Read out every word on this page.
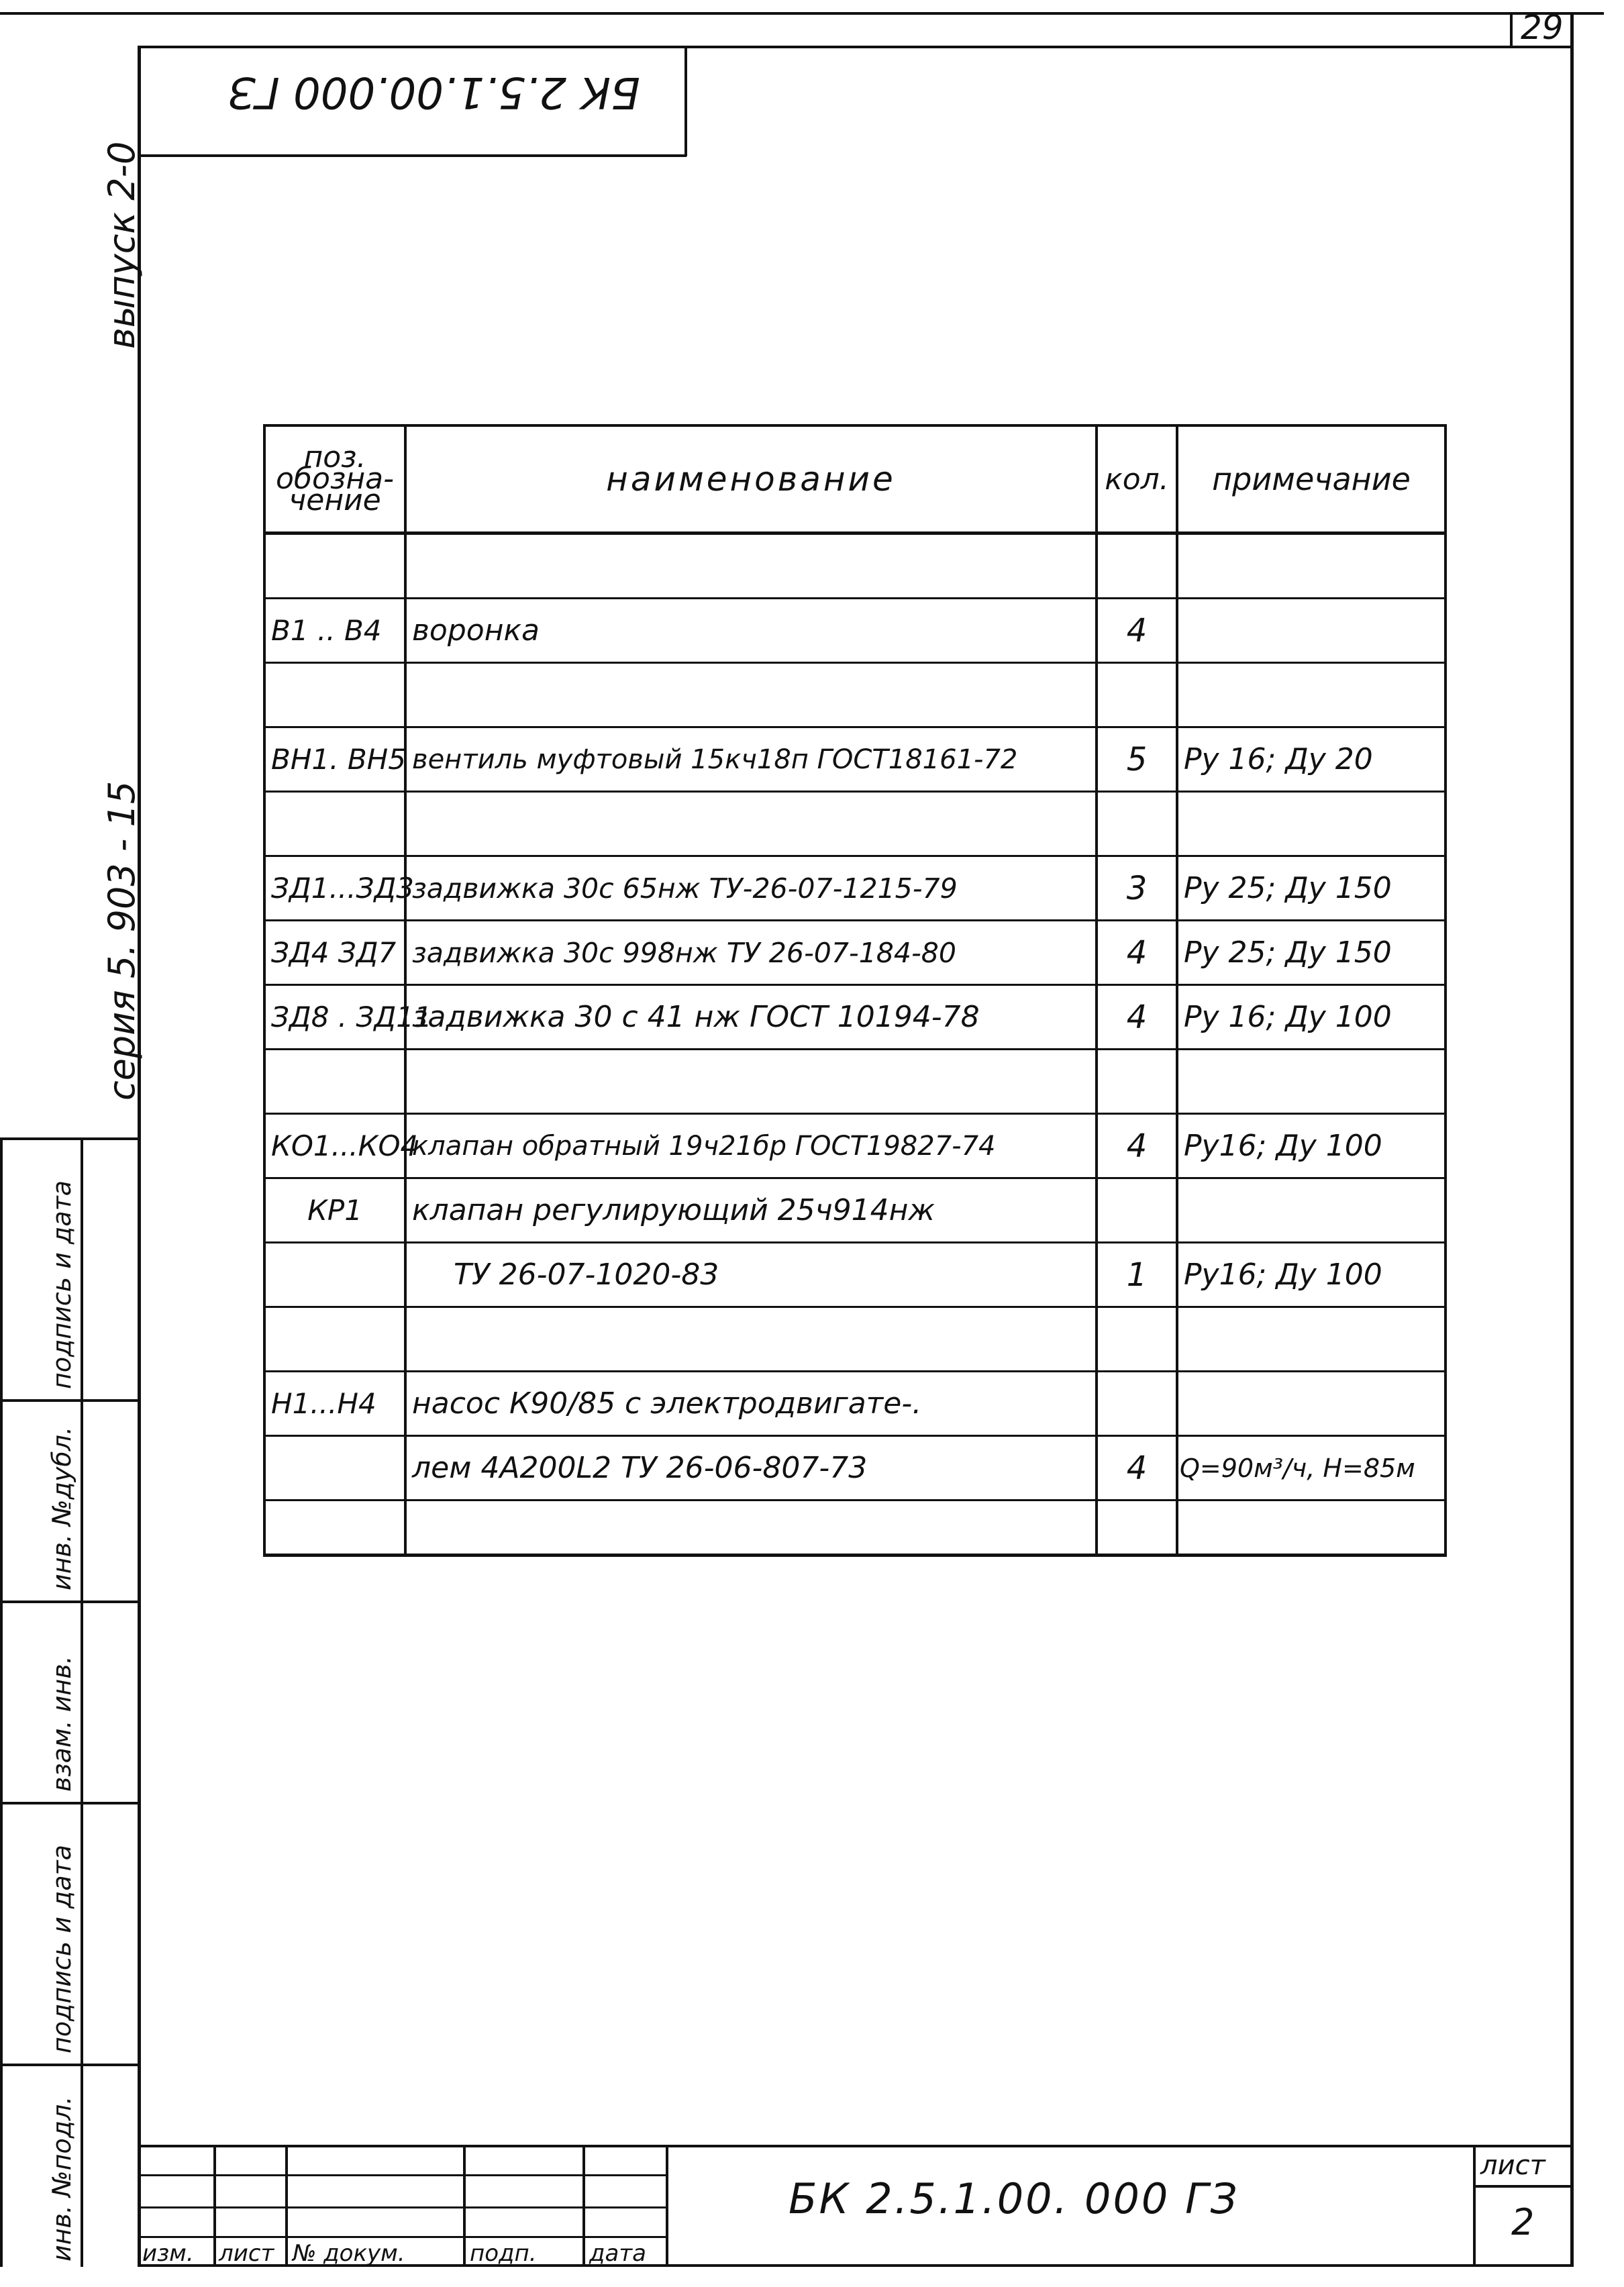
29
БК 2.5.1.00.000 ГЗ
выпуск 2-0
серия 5. 903 - 15
инв. №подл.
подпись и дата
взам. инв.
инв. №дубл.
подпись и дата
поз. обозна- чение	наименование	кол.	примечание

В1 .. В4	воронка	4	

ВН1. ВН5	вентиль муфтовый 15кч18п ГОСТ18161-72	5	Ру 16; Ду 20

ЗД1...ЗД3	задвижка 30с 65нж ТУ-26-07-1215-79	3	Ру 25; Ду 150
ЗД4 ЗД7	задвижка 30с 998нж ТУ 26-07-184-80	4	Ру 25; Ду 150
ЗД8 . ЗД11	задвижка 30 с 41 нж ГОСТ 10194-78	4	Ру 16; Ду 100

КО1...КО4	клапан обратный 19ч21бр ГОСТ19827-74	4	Ру16; Ду 100
КР1	клапан регулирующий 25ч914нж		
	ТУ 26-07-1020-83	1	Ру16; Ду 100

Н1...Н4	насос К90/85 с электродвигате-.		
	лем 4А200L2 ТУ 26-06-807-73	4	Q=90м³/ч, Н=85м

изм. лист № докум.	подп. дата
БК 2.5.1.00. 000 ГЗ
лист
2
